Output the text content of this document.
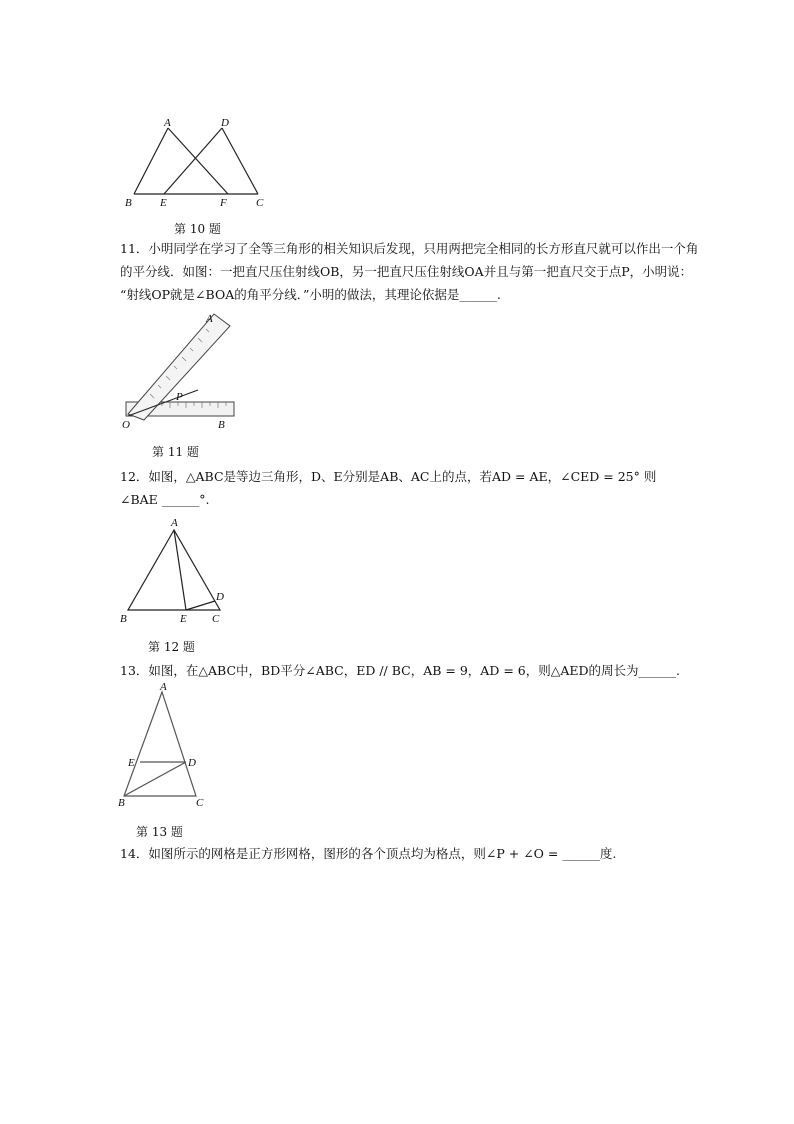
A	D
B	E	F	C
第 10 题
11．小明同学在学习了全等三角形的相关知识后发现，只用两把完全相同的长方形直尺就可以作出一个角
的平分线．如图：一把直尺压住射线OB，另一把直尺压住射线OA并且与第一把直尺交于点P，小明说：
“射线OP就是∠BOA的角平分线．”小明的做法，其理论依据是______.
A
P
O	B
第 11 题
12．如图，△ABC是等边三角形，D、E分别是AB、AC上的点，若AD = AE，∠CED = 25° 则
∠BAE ______°.
A
B	E C
D
第 12 题
13．如图，在△ABC中，BD平分∠ABC，ED // BC，AB = 9，AD = 6，则△AED的周长为______.
A
E	D
B	C
第 13 题
14．如图所示的网格是正方形网格，图形的各个顶点均为格点，则∠P + ∠O = ______度.
